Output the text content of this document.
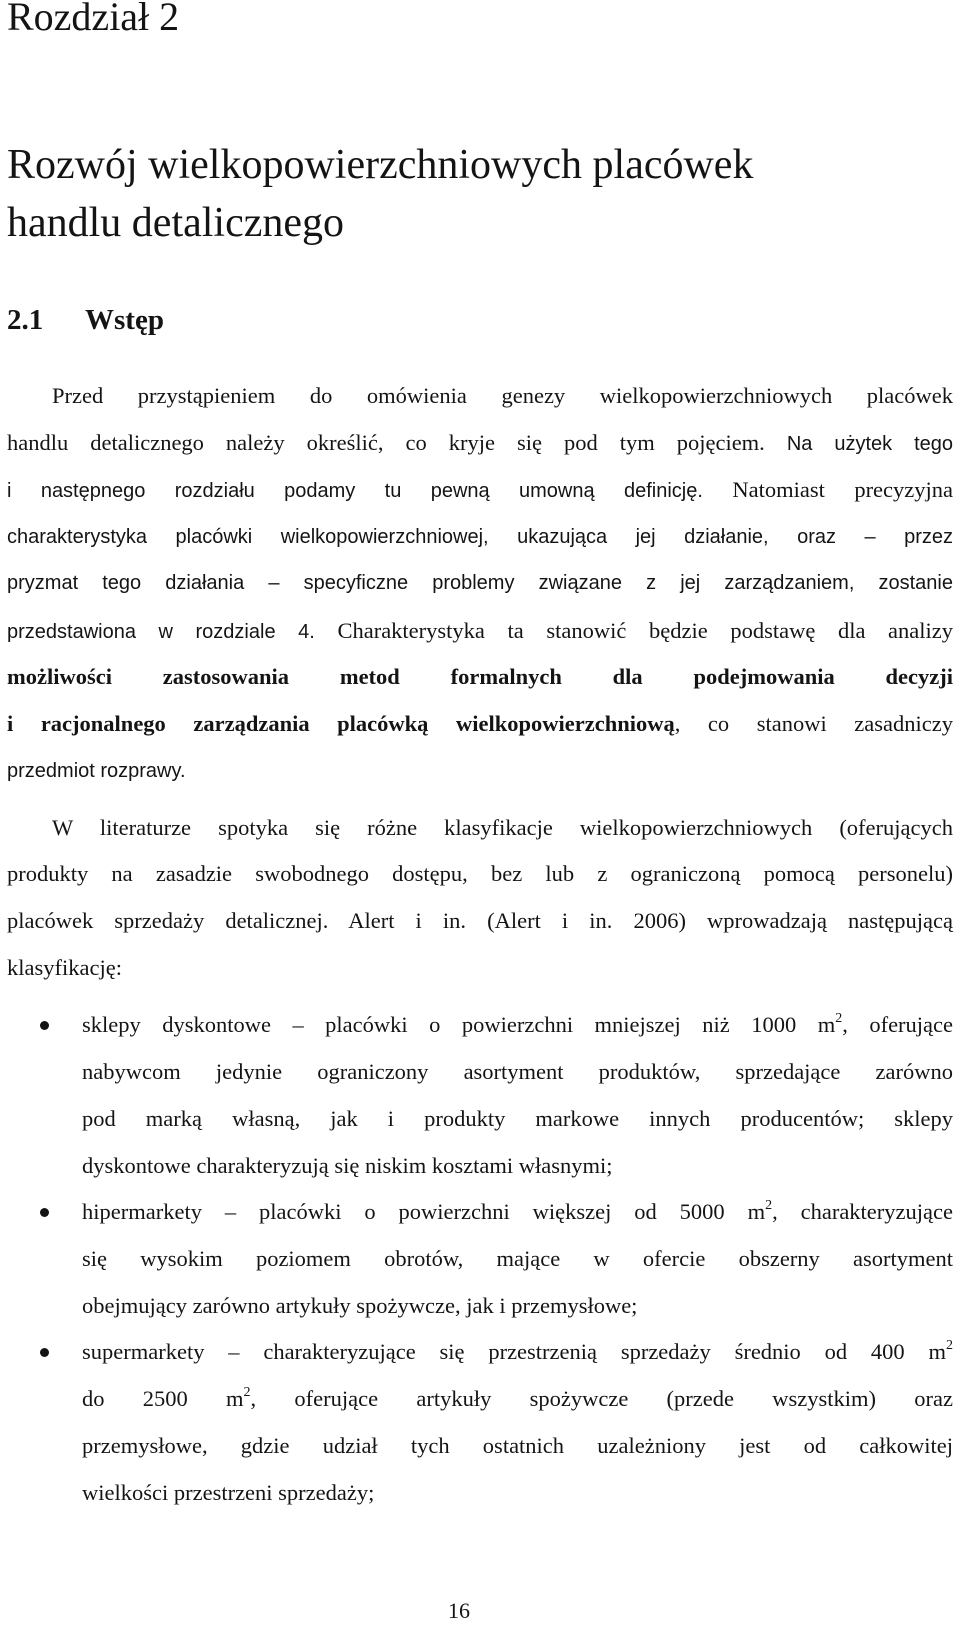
Rozdział 2
Rozwój wielkopowierzchniowych placówek
handlu detalicznego
2.1 Wstęp
Przed przystąpieniem do omówienia genezy wielkopowierzchniowych placówek
handlu detalicznego należy określić, co kryje się pod tym pojęciem. Na użytek tego
i następnego rozdziału podamy tu pewną umowną definicję. Natomiast precyzyjna
charakterystyka placówki wielkopowierzchniowej, ukazująca jej działanie, oraz – przez
pryzmat tego działania – specyficzne problemy związane z jej zarządzaniem, zostanie
przedstawiona w rozdziale 4. Charakterystyka ta stanowić będzie podstawę dla analizy
możliwości zastosowania metod formalnych dla podejmowania decyzji
i racjonalnego zarządzania placówką wielkopowierzchniową, co stanowi zasadniczy
przedmiot rozprawy.
W literaturze spotyka się różne klasyfikacje wielkopowierzchniowych (oferujących
produkty na zasadzie swobodnego dostępu, bez lub z ograniczoną pomocą personelu)
placówek sprzedaży detalicznej. Alert i in. (Alert i in. 2006) wprowadzają następującą
klasyfikację:
sklepy dyskontowe – placówki o powierzchni mniejszej niż 1000 $m^2$, oferujące
nabywcom jedynie ograniczony asortyment produktów, sprzedające zarówno
pod marką własną, jak i produkty markowe innych producentów; sklepy
dyskontowe charakteryzują się niskim kosztami własnymi;
hipermarkety – placówki o powierzchni większej od 5000 $m^2$, charakteryzujące
się wysokim poziomem obrotów, mające w ofercie obszerny asortyment
obejmujący zarówno artykuły spożywcze, jak i przemysłowe;
supermarkety – charakteryzujące się przestrzenią sprzedaży średnio od 400 $m^2$
do 2500 $m^2$, oferujące artykuły spożywcze (przede wszystkim) oraz
przemysłowe, gdzie udział tych ostatnich uzależniony jest od całkowitej
wielkości przestrzeni sprzedaży;
16
